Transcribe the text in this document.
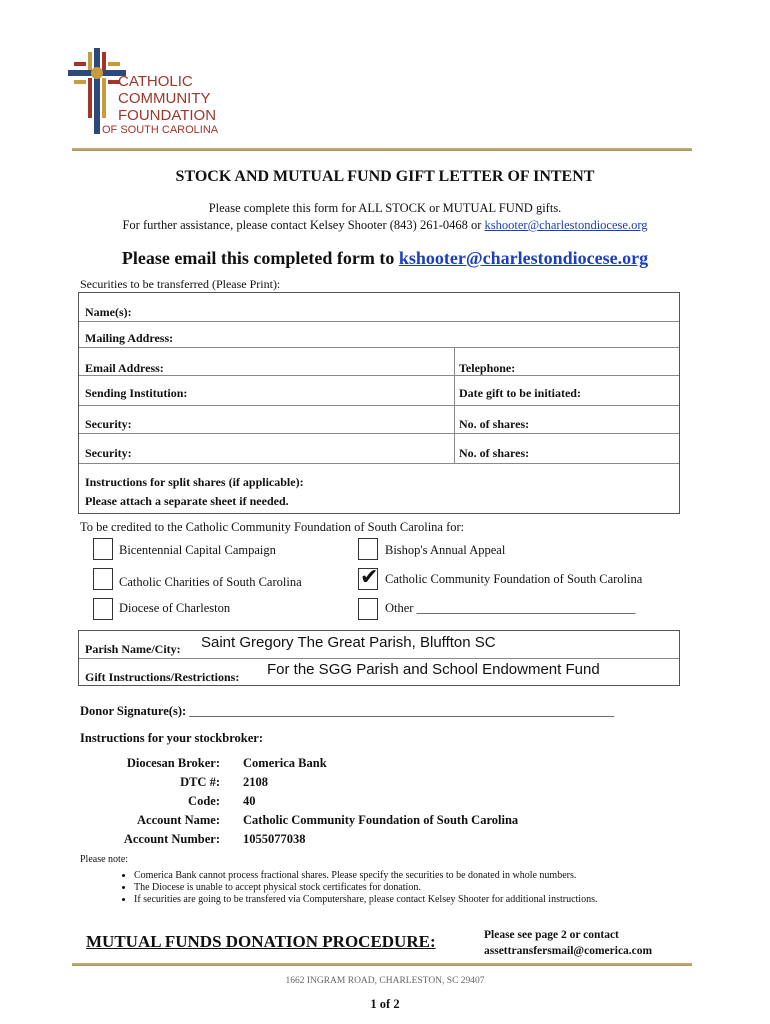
CATHOLIC
COMMUNITY
FOUNDATION
OF SOUTH CAROLINA
STOCK AND MUTUAL FUND GIFT LETTER OF INTENT
Please complete this form for ALL STOCK or MUTUAL FUND gifts.
For further assistance, please contact Kelsey Shooter (843) 261-0468 or kshooter@charlestondiocese.org
Please email this completed form to kshooter@charlestondiocese.org
Securities to be transferred (Please Print):
Name(s):
Mailing Address:
Email Address:	Telephone:
Sending Institution:	Date gift to be initiated:
Security:	No. of shares:
Security:	No. of shares:
Instructions for split shares (if applicable):
Please attach a separate sheet if needed.
To be credited to the Catholic Community Foundation of South Carolina for:
Bicentennial Capital Campaign	Bishop's Annual Appeal
Catholic Charities of South Carolina	✔ Catholic Community Foundation of South Carolina
Diocese of Charleston	Other ___________________________________
Parish Name/City: Saint Gregory The Great Parish, Bluffton SC
Gift Instructions/Restrictions: For the SGG Parish and School Endowment Fund
Donor Signature(s): ____________________________________________________________________
Instructions for your stockbroker:
Diocesan Broker: Comerica Bank
DTC #: 2108
Code: 40
Account Name: Catholic Community Foundation of South Carolina
Account Number: 1055077038
Please note:
• Comerica Bank cannot process fractional shares. Please specify the securities to be donated in whole numbers.
• The Diocese is unable to accept physical stock certificates for donation.
• If securities are going to be transfered via Computershare, please contact Kelsey Shooter for additional instructions.
MUTUAL FUNDS DONATION PROCEDURE:	Please see page 2 or contact
assettransfersmail@comerica.com
1662 INGRAM ROAD, CHARLESTON, SC 29407
1 of 2
